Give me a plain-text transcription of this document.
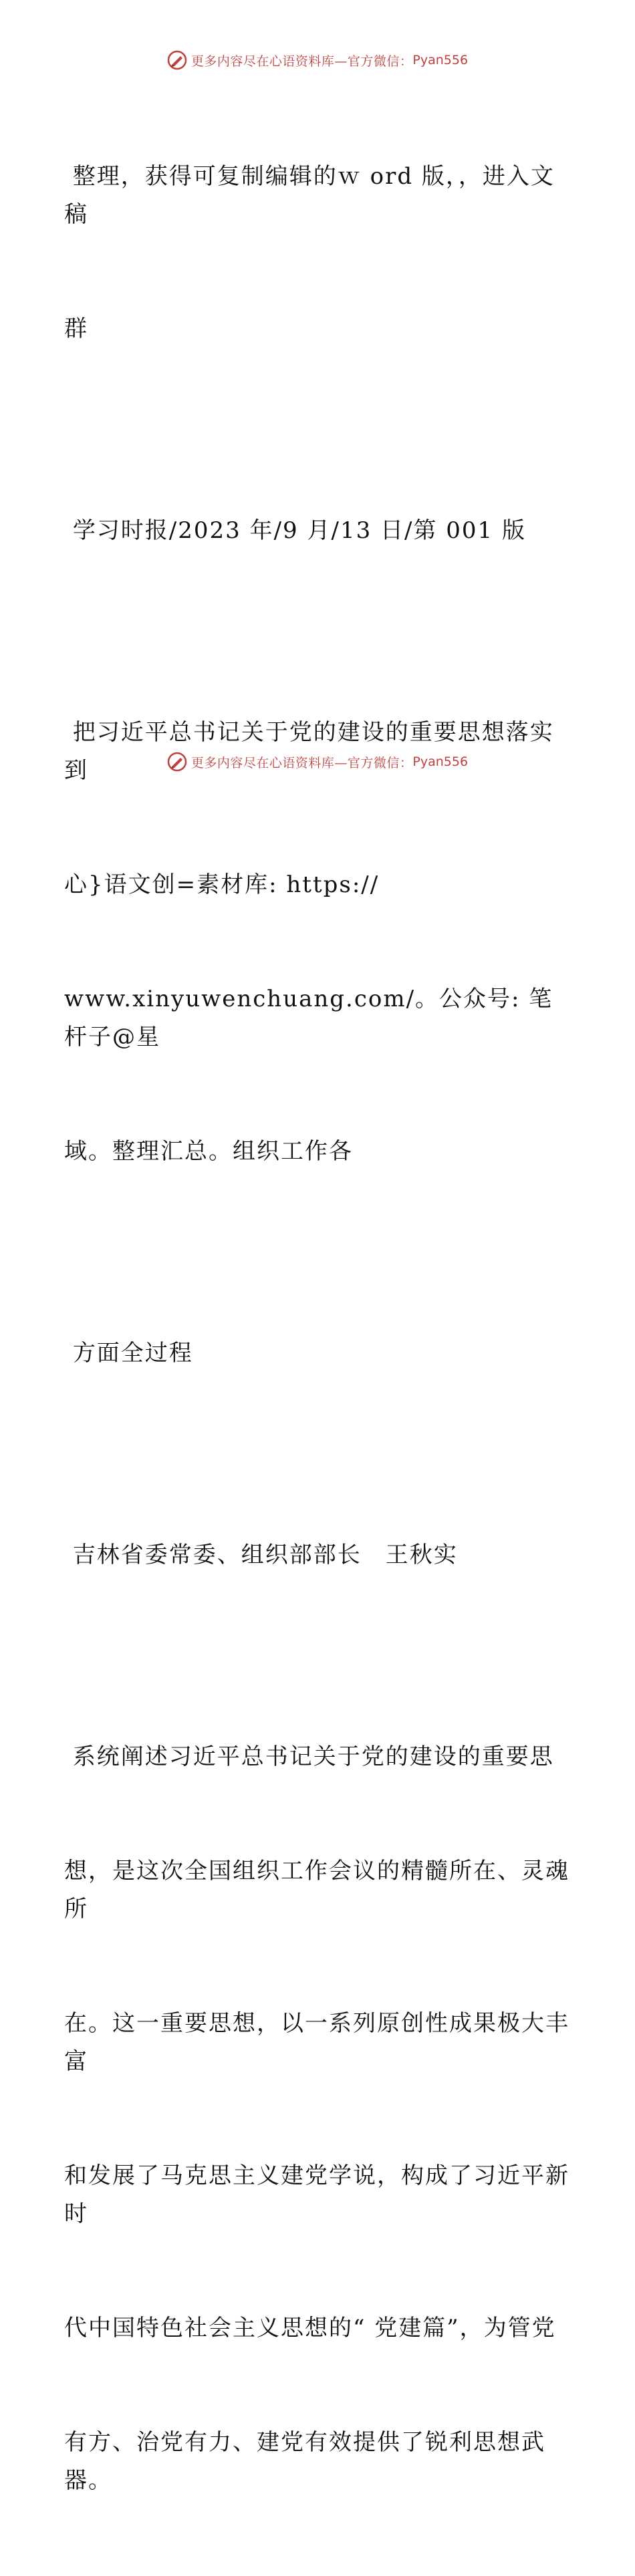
更多内容尽在心语资料库—官方微信： Pyan556

整理，获得可复制编辑的ｗ ord 版，，进入文稿

群

学习时报/2023 年/9 月/13 日/第 001 版

把习近平总书记关于党的建设的重要思想落实到

心}语文创=素材库: https://

www.xinyuwenchuang.com/。公众号: 笔杆子@星

域。整理汇总。组织工作各

方面全过程

吉林省委常委、组织部部长　王秋实

系统阐述习近平总书记关于党的建设的重要思

想，是这次全国组织工作会议的精髓所在、灵魂所

在。这一重要思想，以一系列原创性成果极大丰富

和发展了马克思主义建党学说，构成了习近平新时

代中国特色社会主义思想的“ 党建篇”，为管党

有方、治党有力、建党有效提供了锐利思想武器。

更多内容尽在心语资料库—官方微信： Pyan556
